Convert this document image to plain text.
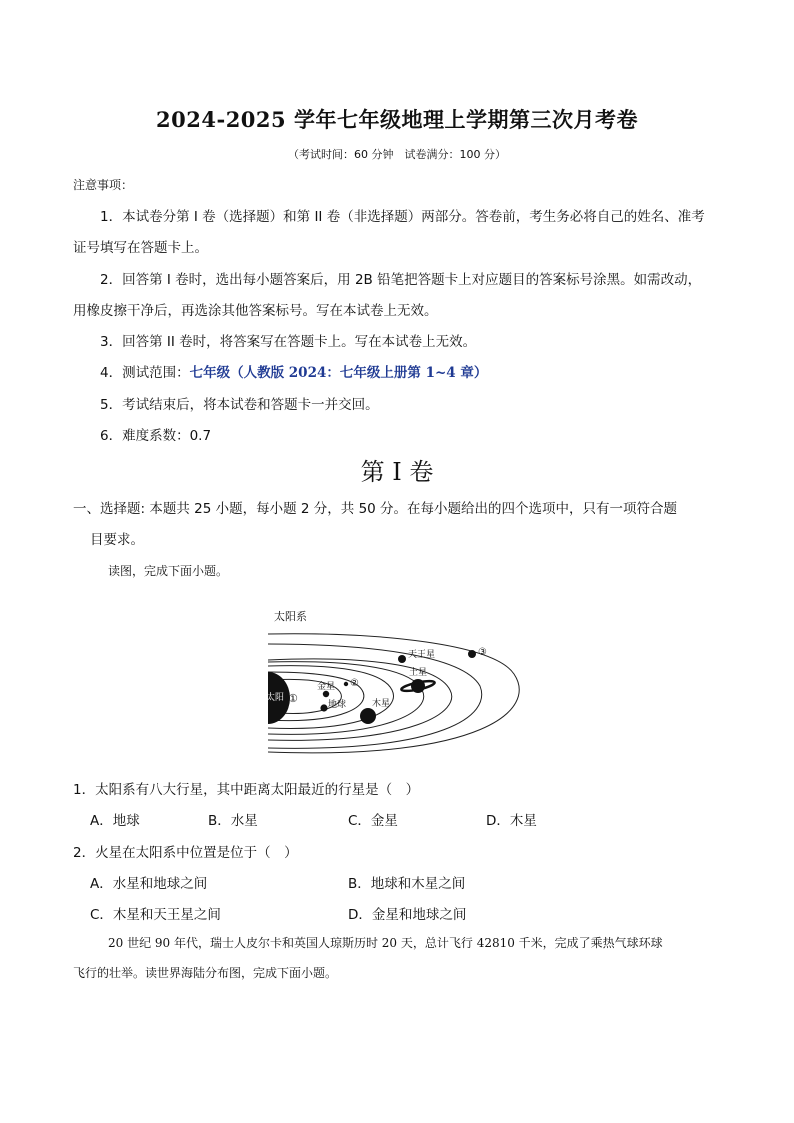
2024-2025 学年七年级地理上学期第三次月考卷
（考试时间：60 分钟　试卷满分：100 分）
注意事项：
1．本试卷分第 I 卷（选择题）和第 II 卷（非选择题）两部分。答卷前，考生务必将自己的姓名、准考
证号填写在答题卡上。
2．回答第 I 卷时，选出每小题答案后，用 2B 铅笔把答题卡上对应题目的答案标号涂黑。如需改动，
用橡皮擦干净后，再选涂其他答案标号。写在本试卷上无效。
3．回答第 II 卷时，将答案写在答题卡上。写在本试卷上无效。
4．测试范围：七年级（人教版 2024：七年级上册第 1~4 章）
5．考试结束后，将本试卷和答题卡一并交回。
6．难度系数：0.7
第 I 卷
一、选择题: 本题共 25 小题，每小题 2 分，共 50 分。在每小题给出的四个选项中，只有一项符合题
目要求。
读图，完成下面小题。
太阳系
太阳 ①
金星 ②
地球	木星
土星
天王星	③
1．太阳系有八大行星，其中距离太阳最近的行星是（　）
A．地球	B．水星	C．金星	D．木星
2．火星在太阳系中位置是位于（　）
A．水星和地球之间	B．地球和木星之间
C．木星和天王星之间	D．金星和地球之间
20 世纪 90 年代，瑞士人皮尔卡和英国人琼斯历时 20 天，总计飞行 42810 千米，完成了乘热气球环球
飞行的壮举。读世界海陆分布图，完成下面小题。
